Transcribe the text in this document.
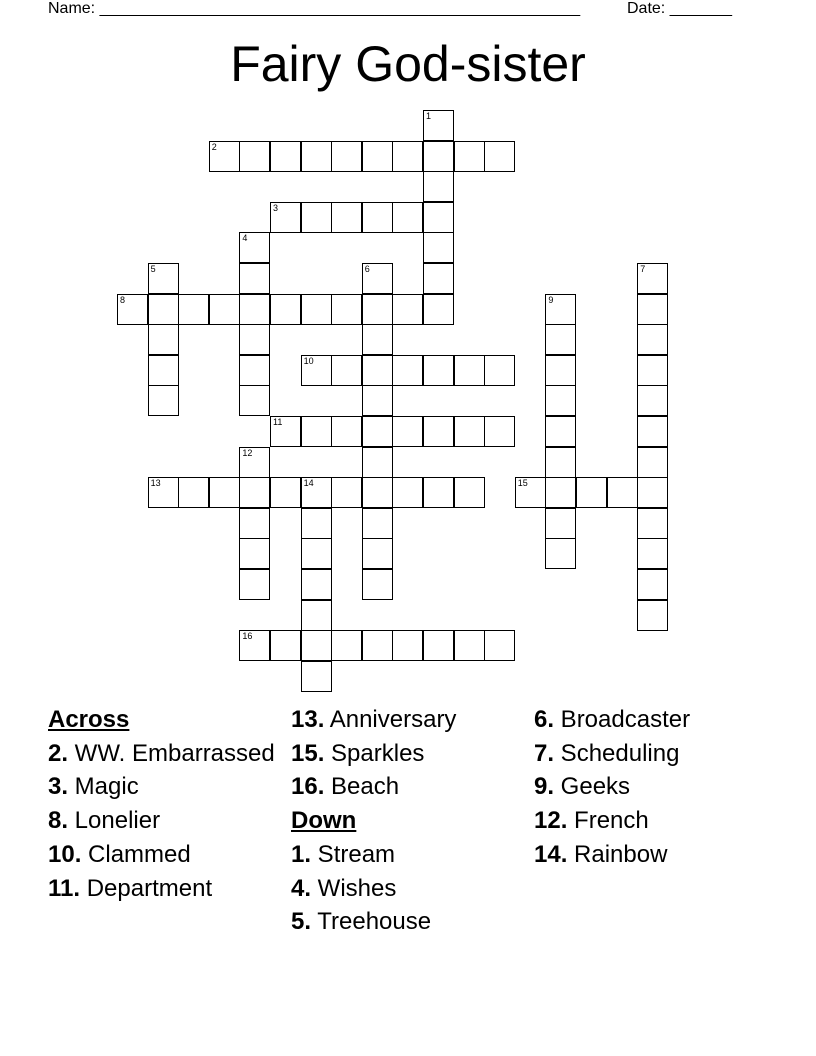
Name: ______________________________________________________	Date: _______
Fairy God-sister
2
3
8
10
11
13	14	15
16
1
4
5	6	7
9
12
Across
2. WW. Embarrassed
3. Magic
8. Lonelier
10. Clammed
11. Department
13. Anniversary
15. Sparkles
16. Beach
Down
1. Stream
4. Wishes
5. Treehouse
6. Broadcaster
7. Scheduling
9. Geeks
12. French
14. Rainbow
